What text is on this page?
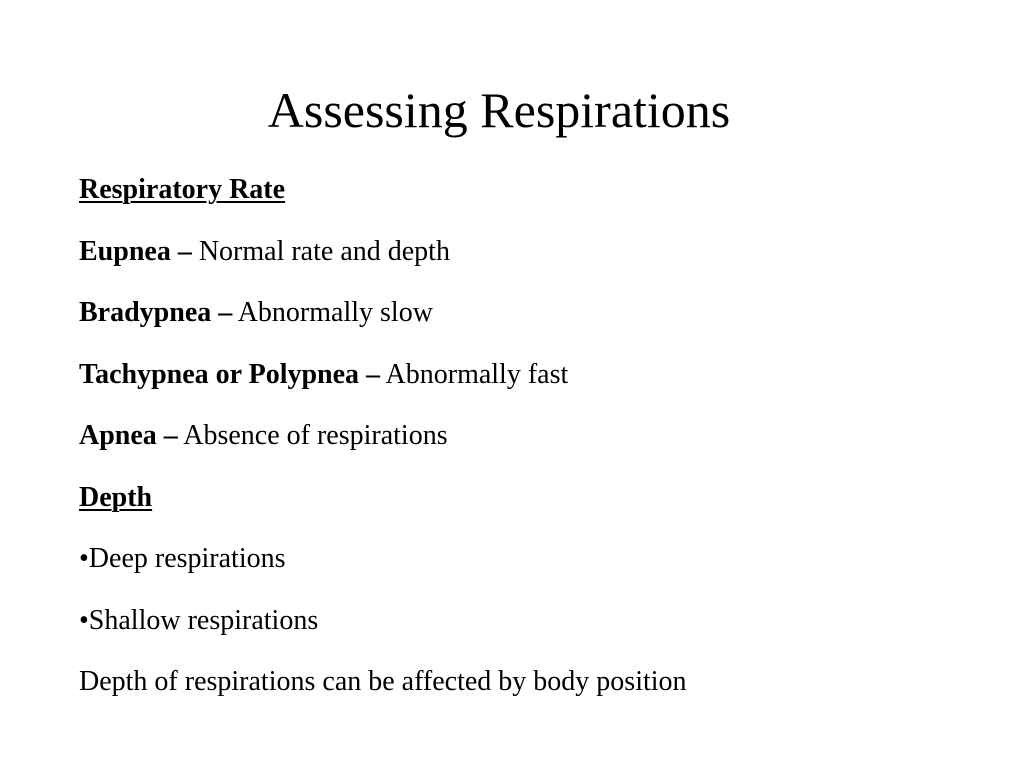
Assessing Respirations
Respiratory Rate
Eupnea – Normal rate and depth
Bradypnea – Abnormally slow
Tachypnea or Polypnea – Abnormally fast
Apnea – Absence of respirations
Depth
•Deep respirations
•Shallow respirations
Depth of respirations can be affected by body position
